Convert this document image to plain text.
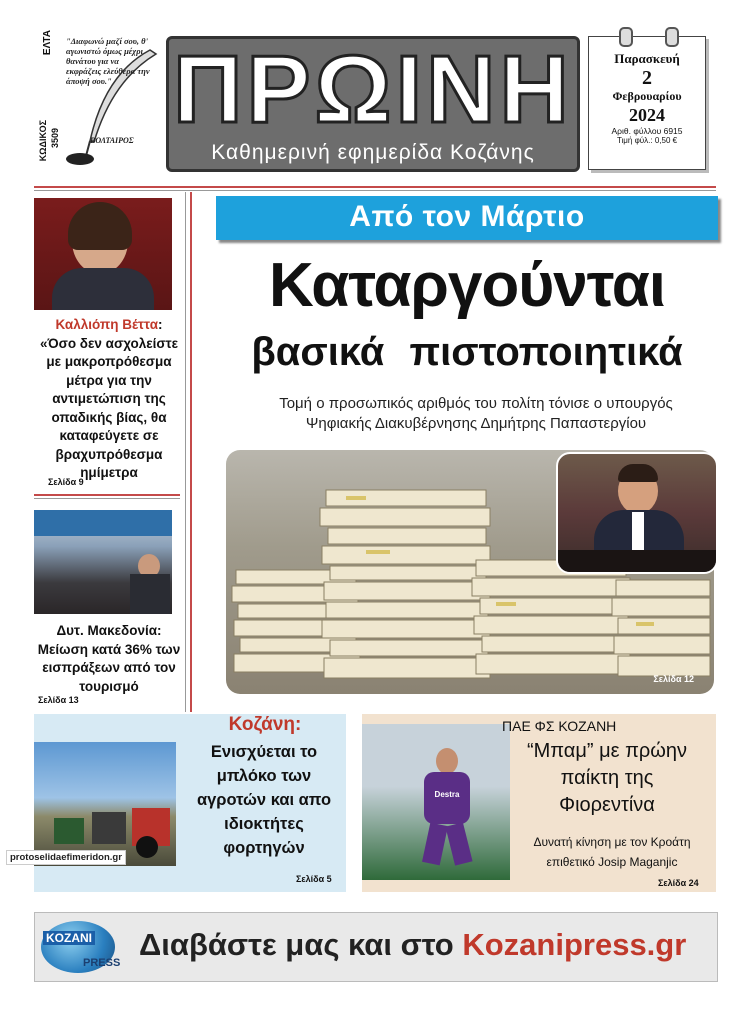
ΕΛΤΑ
ΚΩΔΙΚΟΣ 3509
"Διαφωνώ μαζί σου, θ' αγωνιστώ όμως μέχρι θανάτου για να εκφράζεις ελεύθερα την άποψή σου."
ΒΟΛΤΑΙΡΟΣ ΠΡΩΙΝΗ
Καθημερινή εφημερίδα Κοζάνης
Παρασκευή
2
Φεβρουαρίου
2024
Αριθ. φύλλου 6915
Τιμή φύλ.: 0,50 €
Καλλιόπη Βέττα:
«Όσο δεν ασχολείστε με μακροπρόθεσμα μέτρα για την αντιμετώπιση της οπαδικής βίας, θα καταφεύγετε σε βραχυπρόθεσμα ημίμετρα
Σελίδα 9
Δυτ. Μακεδονία: Μείωση κατά 36% των εισπράξεων από τον τουρισμό
Σελίδα 13
Από τον Μάρτιο
Καταργούνται
βασικά πιστοποιητικά
Τομή ο προσωπικός αριθμός του πολίτη τόνισε ο υπουργός
Ψηφιακής Διακυβέρνησης Δημήτρης Παπαστεργίου
Σελίδα 12
Κοζάνη:
Ενισχύεται το μπλόκο των αγροτών και απο ιδιοκτήτες φορτηγών
Σελίδα 5
protoselidaefimeridon.gr
Destra
ΠΑΕ ΦΣ ΚΟΖΑΝΗ
“Μπαμ” με πρώην παίκτη της Φιορεντίνα
Δυνατή κίνηση με τον Κροάτη
επιθετικό Josip Maganjic
Σελίδα 24
KOZANI
PRESS
Διαβάστε μας και στο Kozanipress.gr
